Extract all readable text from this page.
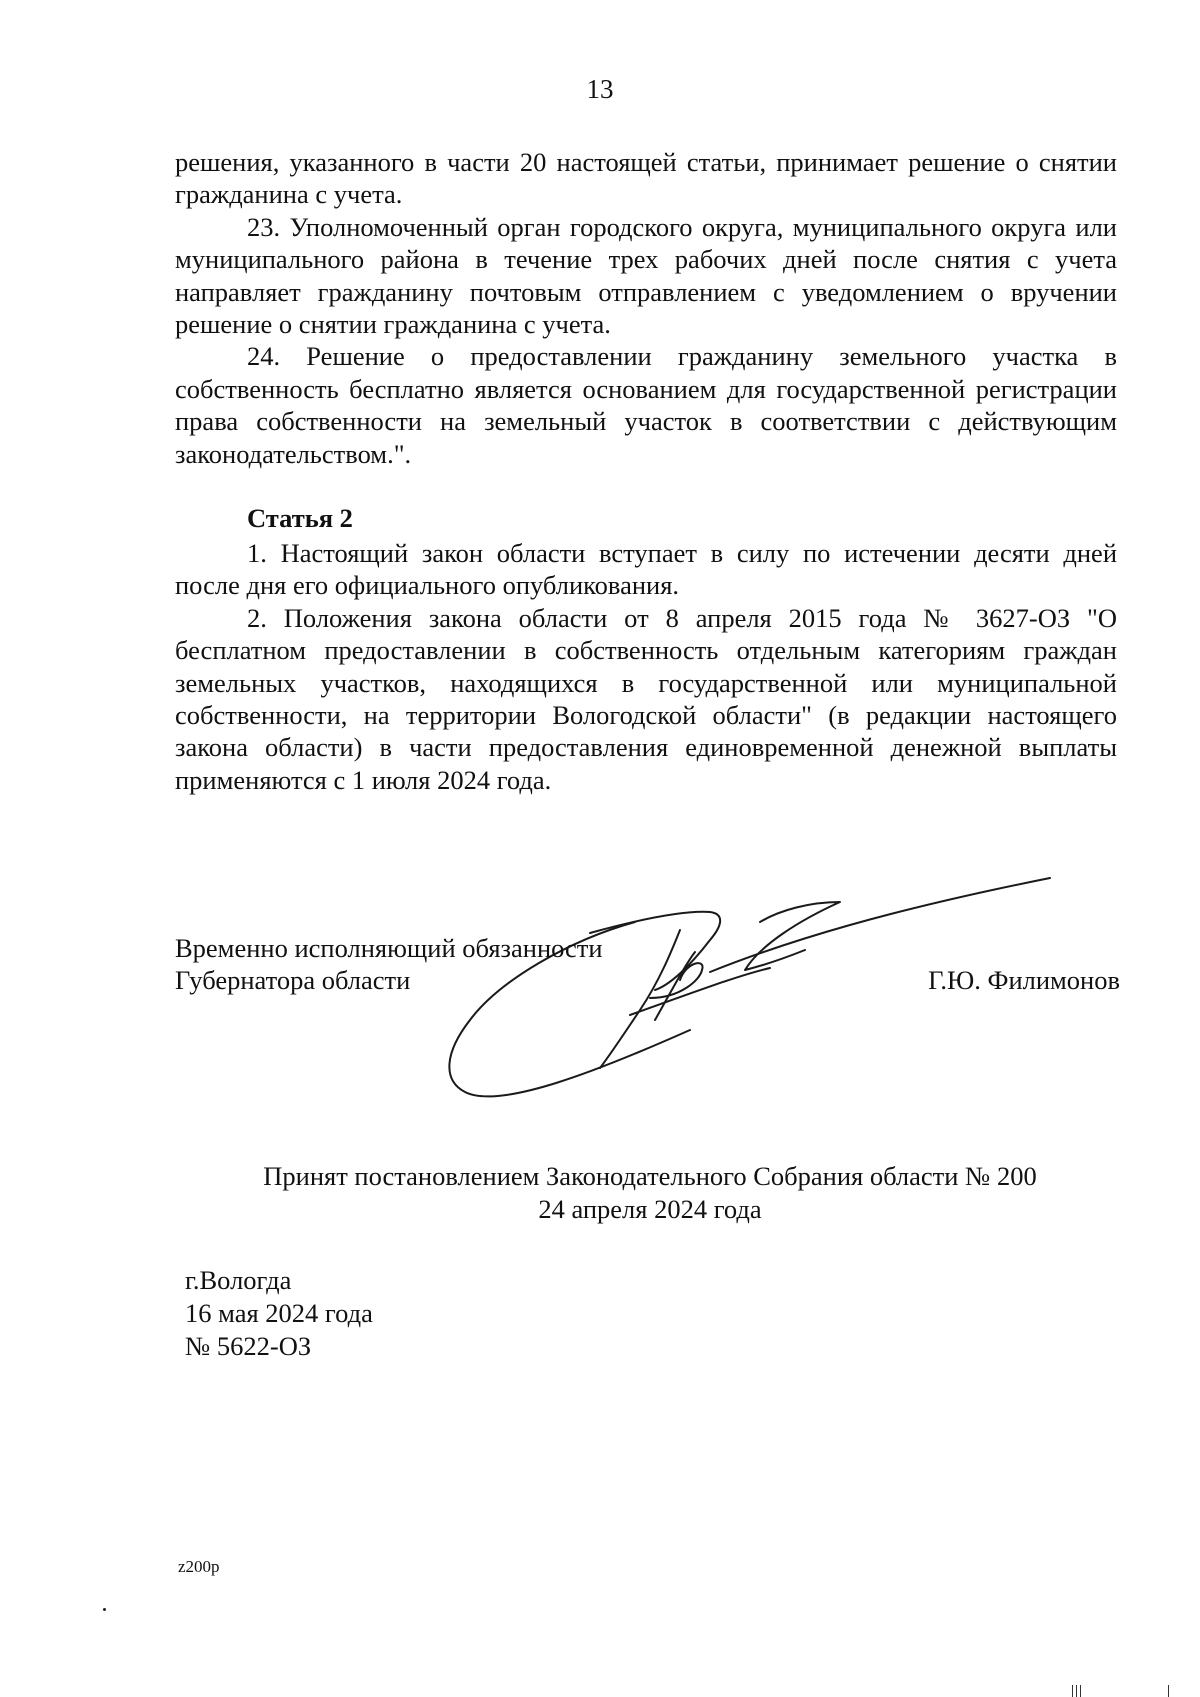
13

решения, указанного в части 20 настоящей статьи, принимает решение о снятии гражданина с учета.

23. Уполномоченный орган городского округа, муниципального округа или муниципального района в течение трех рабочих дней после снятия с учета направляет гражданину почтовым отправлением с уведомлением о вручении решение о снятии гражданина с учета.

24. Решение о предоставлении гражданину земельного участка в собственность бесплатно является основанием для государственной регистрации права собственности на земельный участок в соответствии с действующим законодательством.".

Статья 2

1. Настоящий закон области вступает в силу по истечении десяти дней после дня его официального опубликования.

2. Положения закона области от 8 апреля 2015 года № 3627-ОЗ "О бесплатном предоставлении в собственность отдельным категориям граждан земельных участков, находящихся в государственной или муниципальной собственности, на территории Вологодской области" (в редакции настоящего закона области) в части предоставления единовременной денежной выплаты применяются с 1 июля 2024 года.

Временно исполняющий обязанности
Губернатора области	Г.Ю. Филимонов
Принят постановлением Законодательного Собрания области № 200
24 апреля 2024 года
г.Вологда
16 мая 2024 года
№ 5622-ОЗ
z200p
